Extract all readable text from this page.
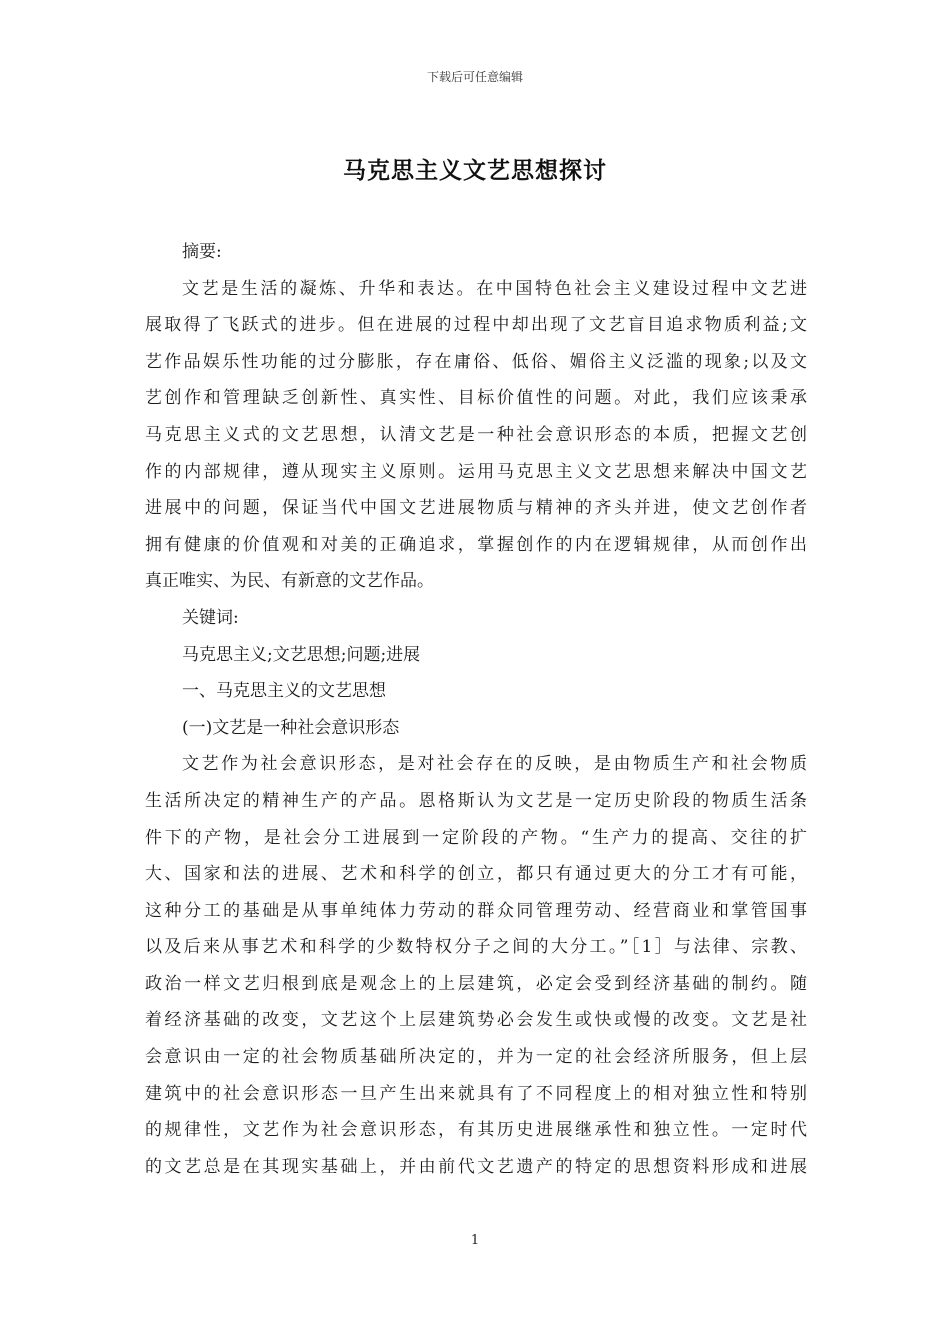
下载后可任意编辑
马克思主义文艺思想探讨
摘要:
文艺是生活的凝炼、升华和表达。在中国特色社会主义建设过程中文艺进
展取得了飞跃式的进步。但在进展的过程中却出现了文艺盲目追求物质利益;文
艺作品娱乐性功能的过分膨胀，存在庸俗、低俗、媚俗主义泛滥的现象;以及文
艺创作和管理缺乏创新性、真实性、目标价值性的问题。对此，我们应该秉承
马克思主义式的文艺思想，认清文艺是一种社会意识形态的本质，把握文艺创
作的内部规律，遵从现实主义原则。运用马克思主义文艺思想来解决中国文艺
进展中的问题，保证当代中国文艺进展物质与精神的齐头并进，使文艺创作者
拥有健康的价值观和对美的正确追求，掌握创作的内在逻辑规律，从而创作出
真正唯实、为民、有新意的文艺作品。
关键词:
马克思主义;文艺思想;问题;进展
一、马克思主义的文艺思想
(一)文艺是一种社会意识形态
文艺作为社会意识形态，是对社会存在的反映，是由物质生产和社会物质
生活所决定的精神生产的产品。恩格斯认为文艺是一定历史阶段的物质生活条
件下的产物，是社会分工进展到一定阶段的产物。“生产力的提高、交往的扩
大、国家和法的进展、艺术和科学的创立，都只有通过更大的分工才有可能，
这种分工的基础是从事单纯体力劳动的群众同管理劳动、经营商业和掌管国事
以及后来从事艺术和科学的少数特权分子之间的大分工。”［1］与法律、宗教、
政治一样文艺归根到底是观念上的上层建筑，必定会受到经济基础的制约。随
着经济基础的改变，文艺这个上层建筑势必会发生或快或慢的改变。文艺是社
会意识由一定的社会物质基础所决定的，并为一定的社会经济所服务，但上层
建筑中的社会意识形态一旦产生出来就具有了不同程度上的相对独立性和特别
的规律性，文艺作为社会意识形态，有其历史进展继承性和独立性。一定时代
的文艺总是在其现实基础上，并由前代文艺遗产的特定的思想资料形成和进展
1
